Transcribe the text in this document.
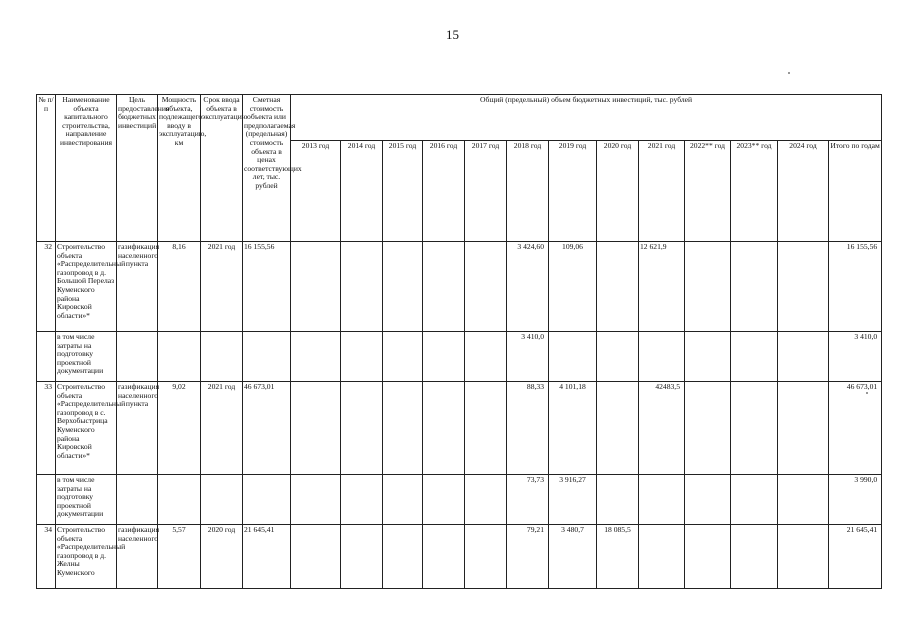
15
№ п/п	Наименование объекта капитального строительства, направление инвестирования	Цель предоставления бюджетных инвестиций	Мощность объекта, подлежащего вводу в эксплуатацию, км	Срок ввода объекта в эксплуатацию	Сметная стоимость объекта или предполагаемая (предельная) стоимость объекта в ценах соответствующих лет, тыс. рублей	Общий (предельный) объем бюджетных инвестиций, тыс. рублей												
						2013 год	2014 год	2015 год	2016 год	2017 год	2018 год	2019 год	2020 год	2021 год	2022** год	2023** год	2024 год	Итого по годам
32	Строительство объекта «Распределительный газопровод в д. Большой Перелаз Куменского района Кировской области»*	газификация населенного пункта	8,16	2021 год	16 155,56						3 424,60	109,06		12 621,9				16 155,56
	в том числе затраты на подготовку проектной документации										3 410,0							3 410,0
33	Строительство объекта «Распределительный газопровод в с. Верхобыстрица Куменского района Кировской области»*	газификация населенного пункта	9,02	2021 год	46 673,01						88,33	4 101,18		42483,5				46 673,01
	в том числе затраты на подготовку проектной документации										73,73	3 916,27						3 990,0
34	Строительство объекта «Распределительный газопровод в д. Желны Куменского	газификация населенного	5,57	2020 год	21 645,41						79,21	3 480,7	18 085,5					21 645,41
